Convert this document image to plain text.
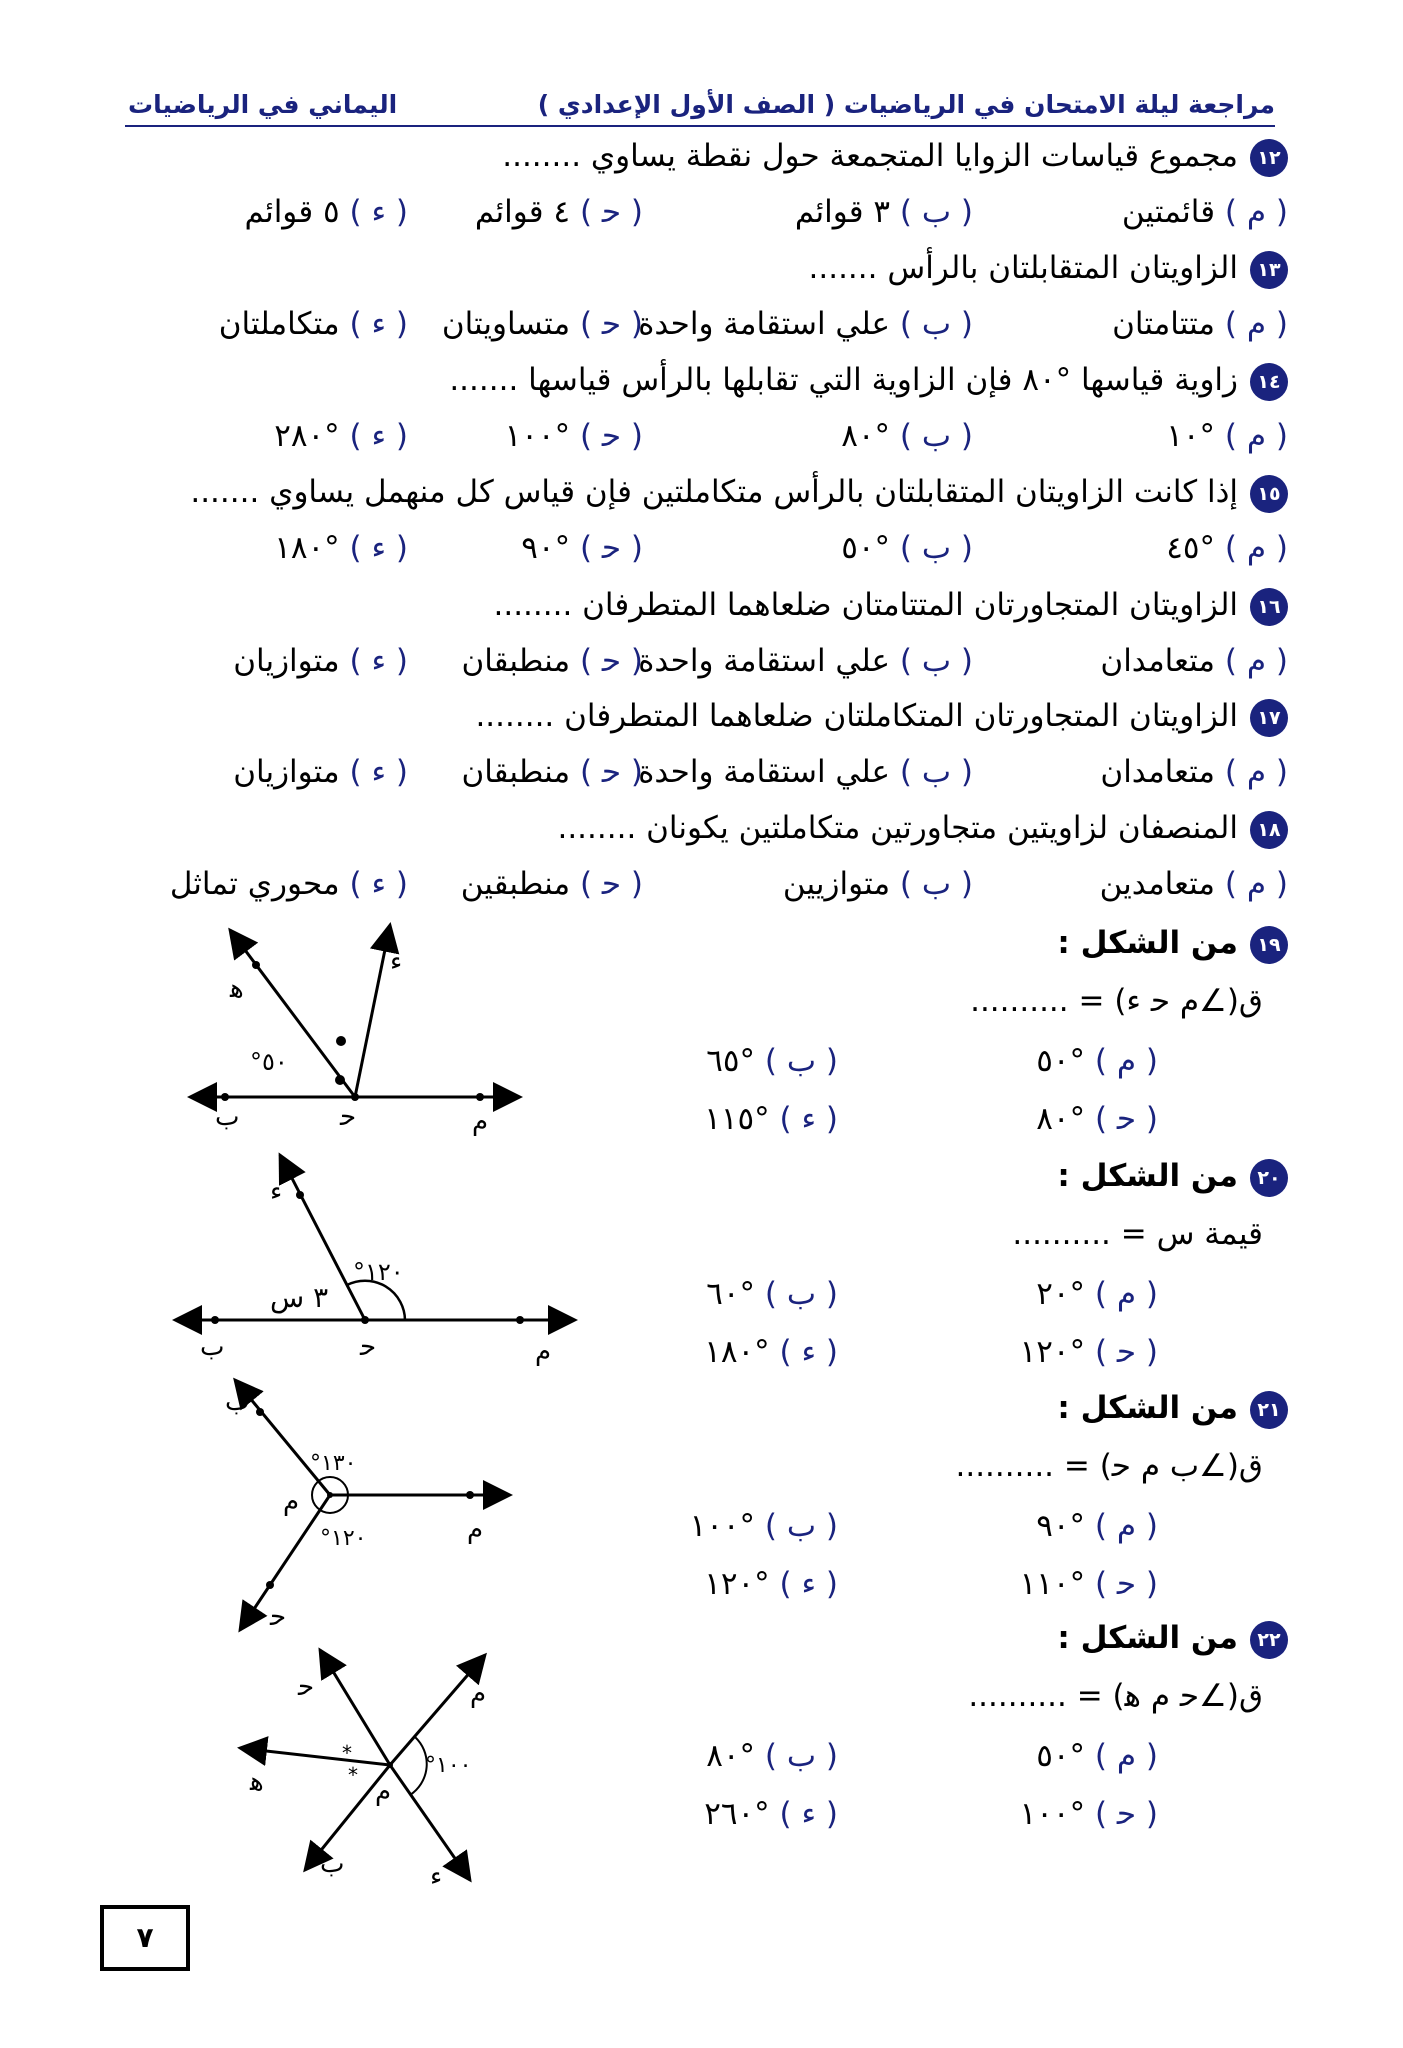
مراجعة ليلة الامتحان في الرياضيات ( الصف الأول الإعدادي )
اليماني في الرياضيات
١٢مجموع قياسات الزوايا المتجمعة حول نقطة يساوي ........
( ﻡ ) قائمتين
( ب ) ٣ قوائم
( ﺣ ) ٤ قوائم
( ء ) ٥ قوائم
١٣الزاويتان المتقابلتان بالرأس .......
( ﻡ ) متتامتان
( ب ) علي استقامة واحدة
( ﺣ ) متساويتان
( ء ) متكاملتان
١٤زاوية قياسها °٨٠ فإن الزاوية التي تقابلها بالرأس قياسها .......
( ﻡ ) °١٠
( ب ) °٨٠
( ﺣ ) °١٠٠
( ء ) °٢٨٠
١٥إذا كانت الزاويتان المتقابلتان بالرأس متكاملتين فإن قياس كل منهمل يساوي .......
( ﻡ ) °٤٥
( ب ) °٥٠
( ﺣ ) °٩٠
( ء ) °١٨٠
١٦الزاويتان المتجاورتان المتتامتان ضلعاهما المتطرفان ........
( ﻡ ) متعامدان
( ب ) علي استقامة واحدة
( ﺣ ) منطبقان
( ء ) متوازيان
١٧الزاويتان المتجاورتان المتكاملتان ضلعاهما المتطرفان ........
( ﻡ ) متعامدان
( ب ) علي استقامة واحدة
( ﺣ ) منطبقان
( ء ) متوازيان
١٨المنصفان لزاويتين متجاورتين متكاملتين يكونان ........
( ﻡ ) متعامدين
( ب ) متوازيين
( ﺣ ) منطبقين
( ء ) محوري تماثل
١٩من الشكل :
ق(∠ﻡ ﺣ ء) = ..........
( ﻡ ) °٥٠
( ب ) °٦٥
( ﺣ ) °٨٠
( ء ) °١١٥
٢٠من الشكل :
قيمة س = ..........
( ﻡ ) °٢٠
( ب ) °٦٠
( ﺣ ) °١٢٠
( ء ) °١٨٠
٢١من الشكل :
ق(∠ب م ﺣ) = ..........
( ﻡ ) °٩٠
( ب ) °١٠٠
( ﺣ ) °١١٠
( ء ) °١٢٠
٢٢من الشكل :
ق(∠ﺣ م ﻫ) = ..........
( ﻡ ) °٥٠
( ب ) °٨٠
( ﺣ ) °١٠٠
( ء ) °٢٦٠
ﻡ
ﺣ
ب
ء
ﻫ
°٥٠
ﻡ
ﺣ
ب
ء
°١٢٠
٣ س
ﻡ
ب
ﺣ
م
°١٣٠
°١٢٠
ﻡ
ﺣ
ﻫ
ب	ء
م
°١٠٠
*
*
٧
